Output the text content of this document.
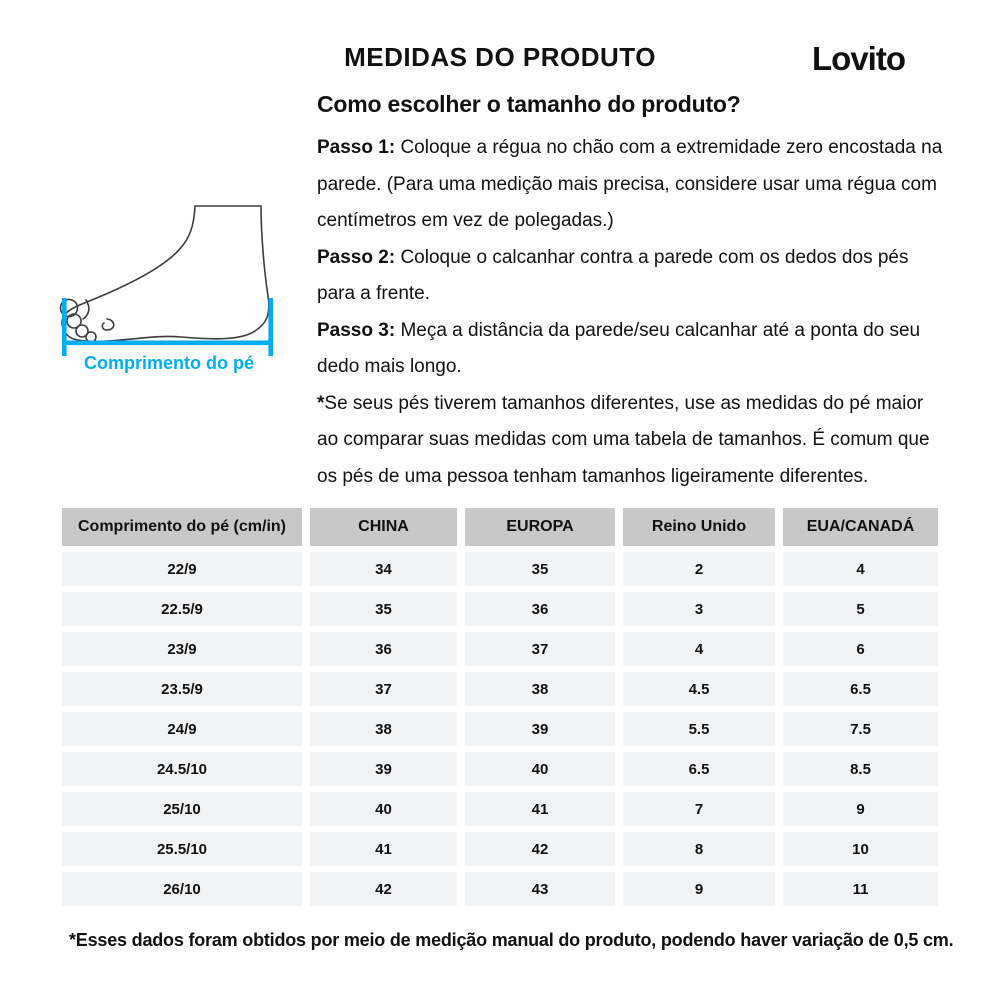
MEDIDAS DO PRODUTO	Lovito
Comprimento do pé
Como escolher o tamanho do produto?

Passo 1: Coloque a régua no chão com a extremidade zero encostada na parede. (Para uma medição mais precisa, considere usar uma régua com centímetros em vez de polegadas.)

Passo 2: Coloque o calcanhar contra a parede com os dedos dos pés para a frente.

Passo 3: Meça a distância da parede/seu calcanhar até a ponta do seu dedo mais longo.

*Se seus pés tiverem tamanhos diferentes, use as medidas do pé maior ao comparar suas medidas com uma tabela de tamanhos. É comum que os pés de uma pessoa tenham tamanhos ligeiramente diferentes.

Comprimento do pé (cm/in)	CHINA	EUROPA	Reino Unido	EUA/CANADÁ
22/9	34	35	2	4
22.5/9	35	36	3	5
23/9	36	37	4	6
23.5/9	37	38	4.5	6.5
24/9	38	39	5.5	7.5
24.5/10	39	40	6.5	8.5
25/10	40	41	7	9
25.5/10	41	42	8	10
26/10	42	43	9	11
*Esses dados foram obtidos por meio de medição manual do produto, podendo haver variação de 0,5 cm.
